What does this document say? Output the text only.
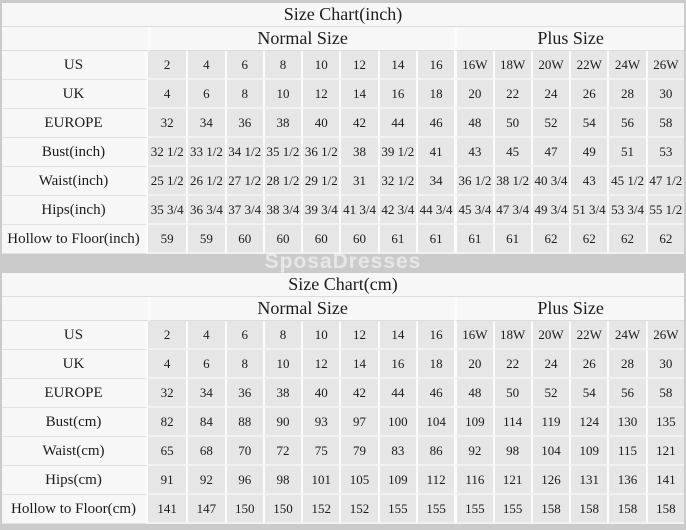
Size Chart(inch)														
	Normal Size								Plus Size					
US	2	4	6	8	10	12	14	16	16W	18W	20W	22W	24W	26W
UK	4	6	8	10	12	14	16	18	20	22	24	26	28	30
EUROPE	32	34	36	38	40	42	44	46	48	50	52	54	56	58
Bust(inch)	32 1/2	33 1/2	34 1/2	35 1/2	36 1/2	38	39 1/2	41	43	45	47	49	51	53
Waist(inch)	25 1/2	26 1/2	27 1/2	28 1/2	29 1/2	31	32 1/2	34	36 1/2	38 1/2	40 3/4	43	45 1/2	47 1/2
Hips(inch)	35 3/4	36 3/4	37 3/4	38 3/4	39 3/4	41 3/4	42 3/4	44 3/4	45 3/4	47 3/4	49 3/4	51 3/4	53 3/4	55 1/2
Hollow to Floor(inch)	59	59	60	60	60	60	61	61	61	61	62	62	62	62
SposaDresses
Size Chart(cm)														
	Normal Size								Plus Size					
US	2	4	6	8	10	12	14	16	16W	18W	20W	22W	24W	26W
UK	4	6	8	10	12	14	16	18	20	22	24	26	28	30
EUROPE	32	34	36	38	40	42	44	46	48	50	52	54	56	58
Bust(cm)	82	84	88	90	93	97	100	104	109	114	119	124	130	135
Waist(cm)	65	68	70	72	75	79	83	86	92	98	104	109	115	121
Hips(cm)	91	92	96	98	101	105	109	112	116	121	126	131	136	141
Hollow to Floor(cm)	141	147	150	150	152	152	155	155	155	155	158	158	158	158
